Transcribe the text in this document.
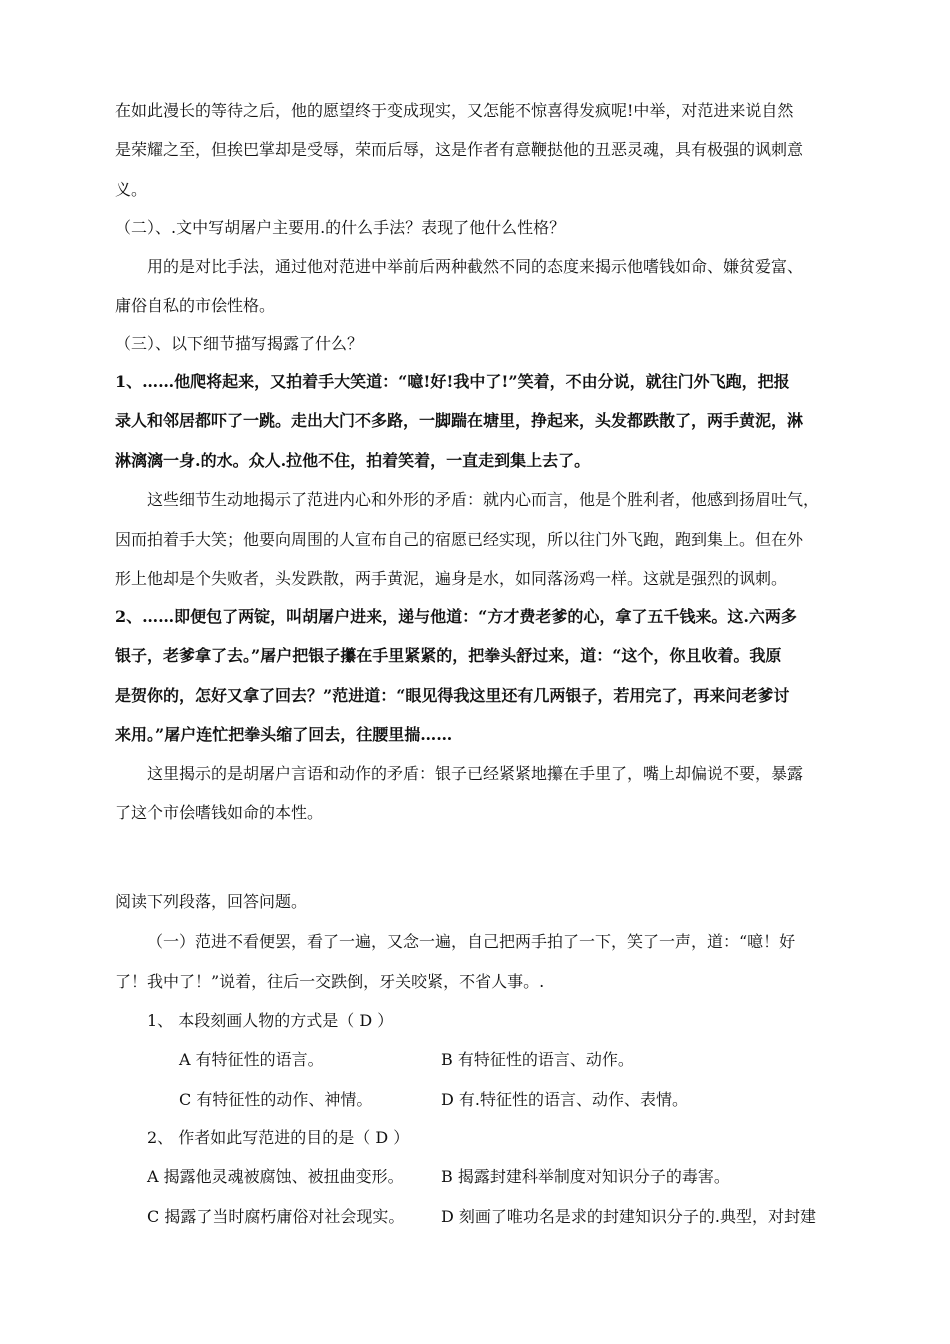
在如此漫长的等待之后，他的愿望终于变成现实，又怎能不惊喜得发疯呢!中举，对范进来说自然
是荣耀之至，但挨巴掌却是受辱，荣而后辱，这是作者有意鞭挞他的丑恶灵魂，具有极强的讽刺意
义。
（二）、.文中写胡屠户主要用.的什么手法？表现了他什么性格？
用的是对比手法，通过他对范进中举前后两种截然不同的态度来揭示他嗜钱如命、嫌贫爱富、
庸俗自私的市侩性格。
（三）、以下细节描写揭露了什么？
1、……他爬将起来，又拍着手大笑道：“噫!好!我中了!”笑着，不由分说，就往门外飞跑，把报
录人和邻居都吓了一跳。走出大门不多路，一脚踹在塘里，挣起来，头发都跌散了，两手黄泥，淋
淋漓漓一身.的水。众人.拉他不住，拍着笑着，一直走到集上去了。
这些细节生动地揭示了范进内心和外形的矛盾：就内心而言，他是个胜利者，他感到扬眉吐气，
因而拍着手大笑；他要向周围的人宣布自己的宿愿已经实现，所以往门外飞跑，跑到集上。但在外
形上他却是个失败者，头发跌散，两手黄泥，遍身是水，如同落汤鸡一样。这就是强烈的讽刺。
2、……即便包了两锭，叫胡屠户进来，递与他道：“方才费老爹的心，拿了五千钱来。这.六两多
银子，老爹拿了去。”屠户把银子攥在手里紧紧的，把拳头舒过来，道：“这个，你且收着。我原
是贺你的，怎好又拿了回去？”范进道：“眼见得我这里还有几两银子，若用完了，再来问老爹讨
来用。”屠户连忙把拳头缩了回去，往腰里揣……
这里揭示的是胡屠户言语和动作的矛盾：银子已经紧紧地攥在手里了，嘴上却偏说不要，暴露
了这个市侩嗜钱如命的本性。
阅读下列段落，回答问题。
（一）范进不看便罢，看了一遍，又念一遍，自己把两手拍了一下，笑了一声，道：“噫！好
了！我中了！”说着，往后一交跌倒，牙关咬紧，不省人事。.
1、 本段刻画人物的方式是（ D ）
A 有特征性的语言。	B 有特征性的语言、动作。
C 有特征性的动作、神情。	D 有.特征性的语言、动作、表情。
2、 作者如此写范进的目的是（ D ）
A 揭露他灵魂被腐蚀、被扭曲变形。 B 揭露封建科举制度对知识分子的毒害。
C 揭露了当时腐朽庸俗对社会现实。 D 刻画了唯功名是求的封建知识分子的.典型，对封建
